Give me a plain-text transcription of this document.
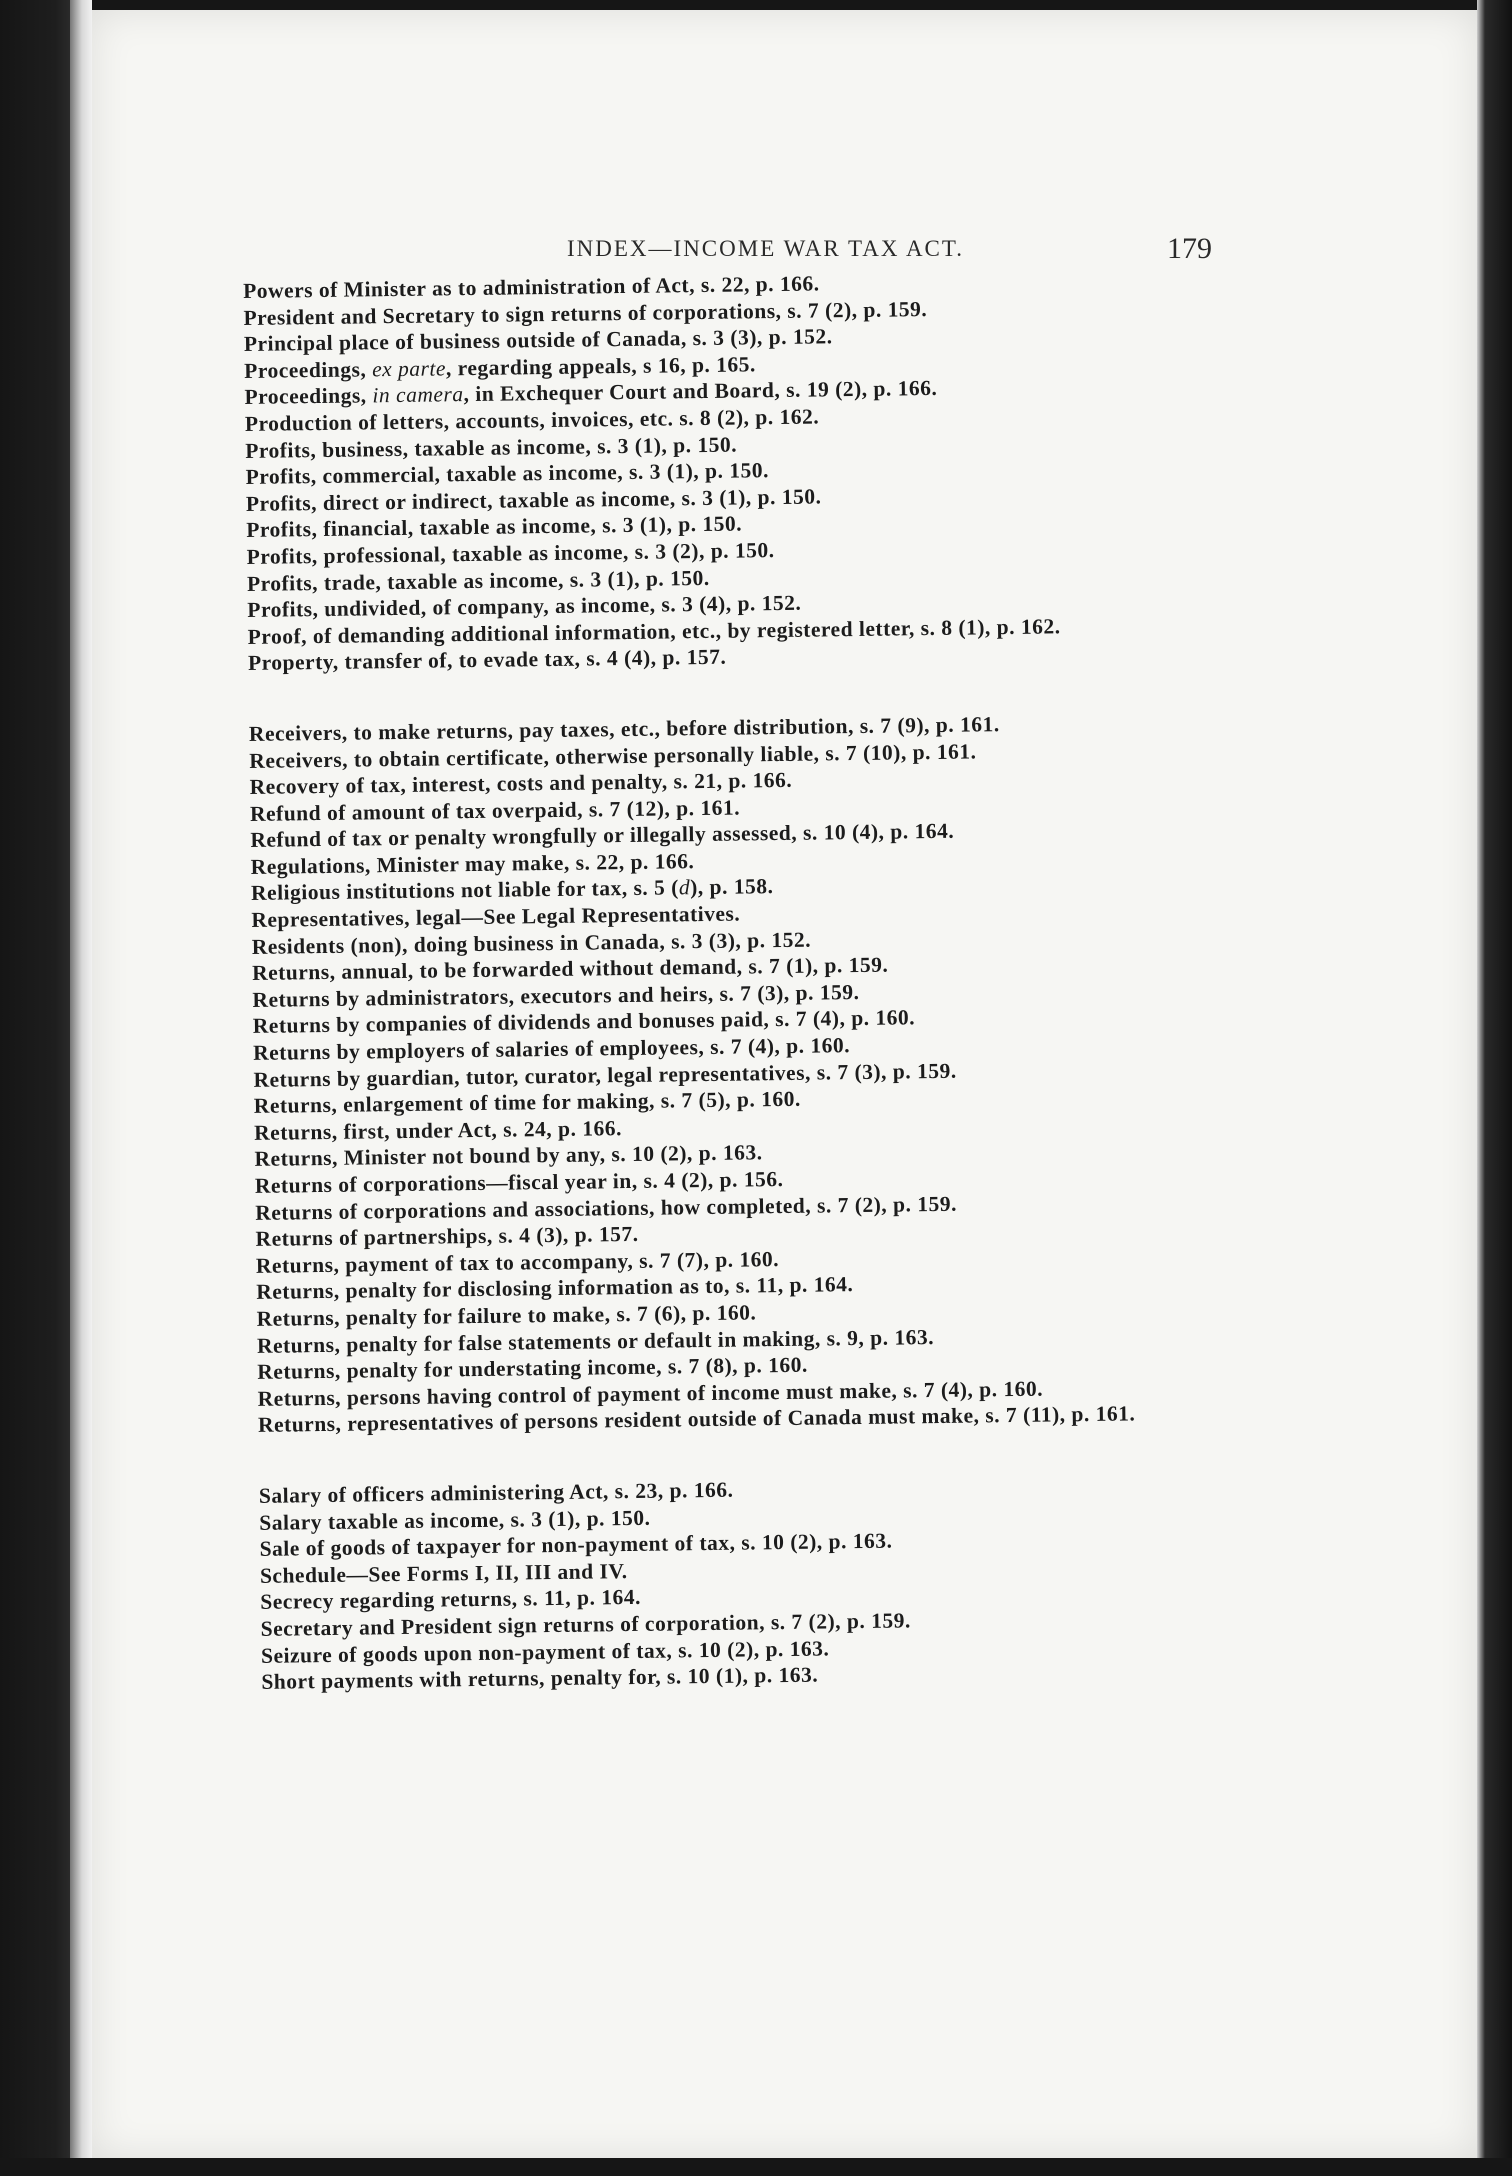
INDEX—INCOME WAR TAX ACT.	179
Powers of Minister as to administration of Act, s. 22, p. 166.
President and Secretary to sign returns of corporations, s. 7 (2), p. 159.
Principal place of business outside of Canada, s. 3 (3), p. 152.
Proceedings, ex parte, regarding appeals, s 16, p. 165.
Proceedings, in camera, in Exchequer Court and Board, s. 19 (2), p. 166.
Production of letters, accounts, invoices, etc. s. 8 (2), p. 162.
Profits, business, taxable as income, s. 3 (1), p. 150.
Profits, commercial, taxable as income, s. 3 (1), p. 150.
Profits, direct or indirect, taxable as income, s. 3 (1), p. 150.
Profits, financial, taxable as income, s. 3 (1), p. 150.
Profits, professional, taxable as income, s. 3 (2), p. 150.
Profits, trade, taxable as income, s. 3 (1), p. 150.
Profits, undivided, of company, as income, s. 3 (4), p. 152.
Proof, of demanding additional information, etc., by registered letter, s. 8 (1), p. 162.
Property, transfer of, to evade tax, s. 4 (4), p. 157.
Receivers, to make returns, pay taxes, etc., before distribution, s. 7 (9), p. 161.
Receivers, to obtain certificate, otherwise personally liable, s. 7 (10), p. 161.
Recovery of tax, interest, costs and penalty, s. 21, p. 166.
Refund of amount of tax overpaid, s. 7 (12), p. 161.
Refund of tax or penalty wrongfully or illegally assessed, s. 10 (4), p. 164.
Regulations, Minister may make, s. 22, p. 166.
Religious institutions not liable for tax, s. 5 (d), p. 158.
Representatives, legal—See Legal Representatives.
Residents (non), doing business in Canada, s. 3 (3), p. 152.
Returns, annual, to be forwarded without demand, s. 7 (1), p. 159.
Returns by administrators, executors and heirs, s. 7 (3), p. 159.
Returns by companies of dividends and bonuses paid, s. 7 (4), p. 160.
Returns by employers of salaries of employees, s. 7 (4), p. 160.
Returns by guardian, tutor, curator, legal representatives, s. 7 (3), p. 159.
Returns, enlargement of time for making, s. 7 (5), p. 160.
Returns, first, under Act, s. 24, p. 166.
Returns, Minister not bound by any, s. 10 (2), p. 163.
Returns of corporations—fiscal year in, s. 4 (2), p. 156.
Returns of corporations and associations, how completed, s. 7 (2), p. 159.
Returns of partnerships, s. 4 (3), p. 157.
Returns, payment of tax to accompany, s. 7 (7), p. 160.
Returns, penalty for disclosing information as to, s. 11, p. 164.
Returns, penalty for failure to make, s. 7 (6), p. 160.
Returns, penalty for false statements or default in making, s. 9, p. 163.
Returns, penalty for understating income, s. 7 (8), p. 160.
Returns, persons having control of payment of income must make, s. 7 (4), p. 160.
Returns, representatives of persons resident outside of Canada must make, s. 7 (11), p. 161.
Salary of officers administering Act, s. 23, p. 166.
Salary taxable as income, s. 3 (1), p. 150.
Sale of goods of taxpayer for non-payment of tax, s. 10 (2), p. 163.
Schedule—See Forms I, II, III and IV.
Secrecy regarding returns, s. 11, p. 164.
Secretary and President sign returns of corporation, s. 7 (2), p. 159.
Seizure of goods upon non-payment of tax, s. 10 (2), p. 163.
Short payments with returns, penalty for, s. 10 (1), p. 163.
